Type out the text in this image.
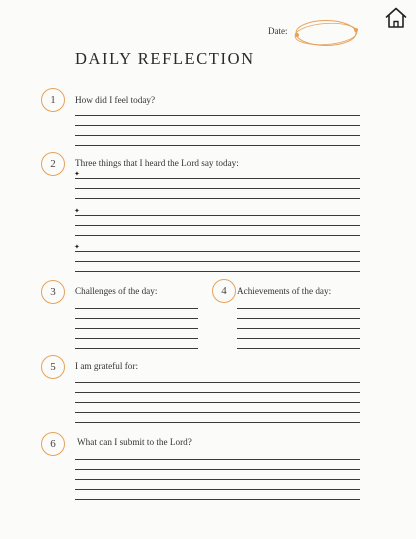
Date:
DAILY REFLECTION
1 How did I feel today?
2 Three things that I heard the Lord say today:
✦
✦
✦
3 Challenges of the day:	4 Achievements of the day:
5 I am grateful for:
6 What can I submit to the Lord?
